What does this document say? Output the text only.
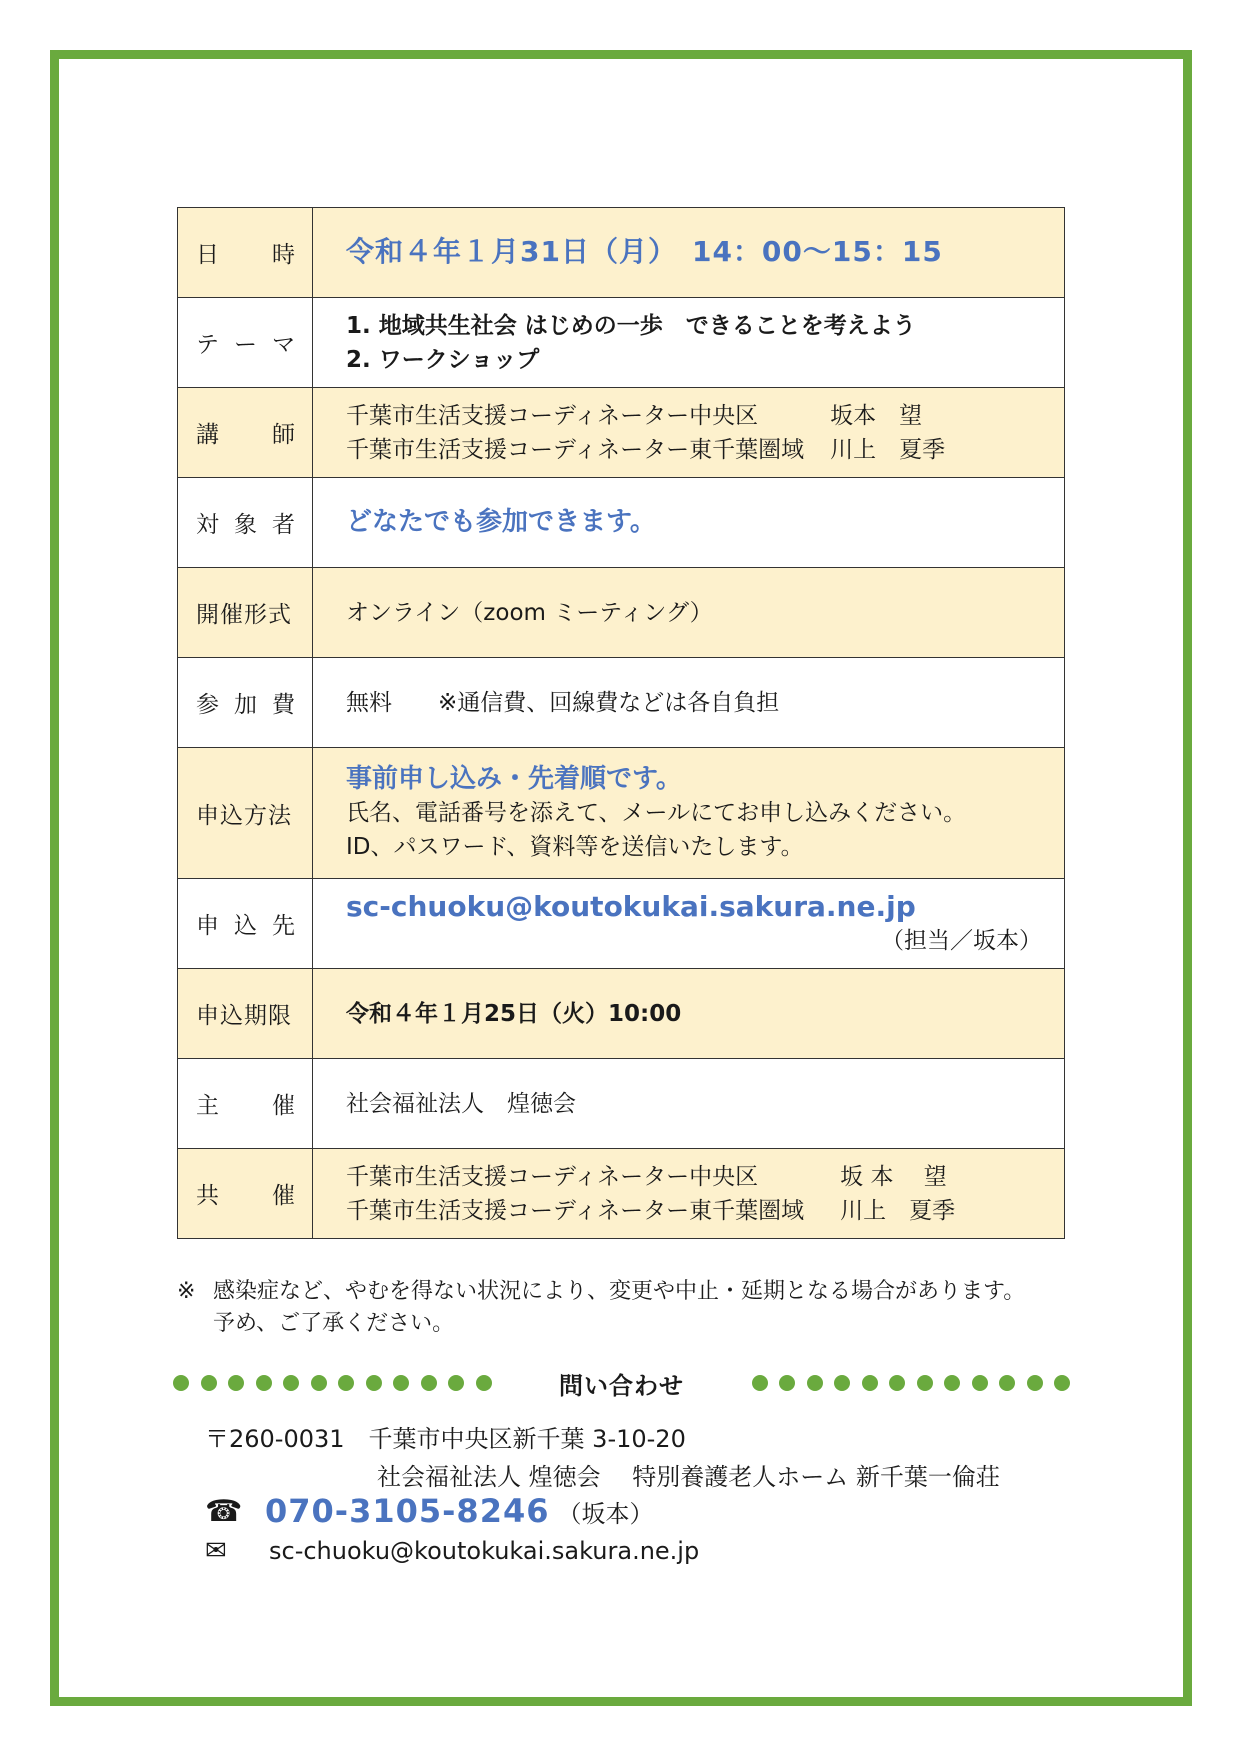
日 時	令和４年１月31日（月）　14：00～15：15

テ ー マ	1. 地域共生社会 はじめの一歩　できることを考えよう
2. ワークショップ

講 師	千葉市生活支援コーディネーター中央区 坂本　望
千葉市生活支援コーディネーター東千葉圏域 川上　夏季

対 象 者	どなたでも参加できます。
開催形式	オンライン（zoom ミーティング）

参 加 費	無料　　※通信費、回線費などは各自負担
申込方法	事前申し込み・先着順です。
氏名、電話番号を添えて、メールにてお申し込みください。
ID、パスワード、資料等を送信いたします。

申 込 先	sc-chuoku@koutokukai.sakura.ne.jp
（担当／坂本）

申込期限	令和４年１月25日（火）10:00

主 催	社会福祉法人　煌徳会

共 催	千葉市生活支援コーディネーター中央区 坂 本　 望
千葉市生活支援コーディネーター東千葉圏域 川上　夏季
※ 感染症など、やむを得ない状況により、変更や中止・延期となる場合があります。
予め、ご了承ください。
問い合わせ
〒260-0031　千葉市中央区新千葉 3-10-20
社会福祉法人 煌徳会　 特別養護老人ホーム 新千葉一倫荘
☎ 070-3105-8246 （坂本）
✉	sc-chuoku@koutokukai.sakura.ne.jp
